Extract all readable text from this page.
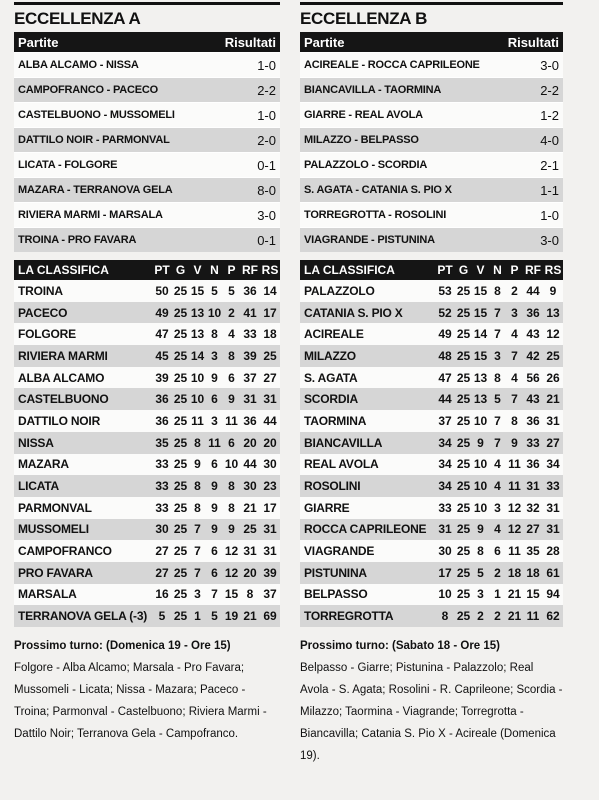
ECCELLENZA A
Partite	Risultati
ALBA ALCAMO - NISSA	1-0
CAMPOFRANCO - PACECO	2-2
CASTELBUONO - MUSSOMELI	1-0
DATTILO NOIR - PARMONVAL	2-0
LICATA - FOLGORE	0-1
MAZARA - TERRANOVA GELA	8-0
RIVIERA MARMI - MARSALA	3-0
TROINA - PRO FAVARA	0-1
LA CLASSIFICA	PT G V N P RF RS
TROINA	50 25 15 5 5 36 14
PACECO	49 25 13 10 2 41 17
FOLGORE	47 25 13 8 4 33 18
RIVIERA MARMI	45 25 14 3 8 39 25
ALBA ALCAMO	39 25 10 9 6 37 27
CASTELBUONO	36 25 10 6 9 31 31
DATTILO NOIR	36 25 11 3 11 36 44
NISSA	35 25 8 11 6 20 20
MAZARA	33 25 9 6 10 44 30
LICATA	33 25 8 9 8 30 23
PARMONVAL	33 25 8 9 8 21 17
MUSSOMELI	30 25 7 9 9 25 31
CAMPOFRANCO	27 25 7 6 12 31 31
PRO FAVARA	27 25 7 6 12 20 39
MARSALA	16 25 3 7 15 8 37
TERRANOVA GELA (-3) 5 25 1 5 19 21 69
Prossimo turno: (Domenica 19 - Ore 15)
Folgore - Alba Alcamo; Marsala - Pro Favara; Mussomeli - Licata; Nissa - Mazara; Paceco - Troina; Parmonval - Castelbuono; Riviera Marmi - Dattilo Noir; Terranova Gela - Campofranco.
ECCELLENZA B
Partite	Risultati
ACIREALE - ROCCA CAPRILEONE	3-0
BIANCAVILLA - TAORMINA	2-2
GIARRE - REAL AVOLA	1-2
MILAZZO - BELPASSO	4-0
PALAZZOLO - SCORDIA	2-1
S. AGATA - CATANIA S. PIO X	1-1
TORREGROTTA - ROSOLINI	1-0
VIAGRANDE - PISTUNINA	3-0
LA CLASSIFICA	PT G V N P RF RS
PALAZZOLO	53 25 15 8 2 44 9
CATANIA S. PIO X	52 25 15 7 3 36 13
ACIREALE	49 25 14 7 4 43 12
MILAZZO	48 25 15 3 7 42 25
S. AGATA	47 25 13 8 4 56 26
SCORDIA	44 25 13 5 7 43 21
TAORMINA	37 25 10 7 8 36 31
BIANCAVILLA	34 25 9 7 9 33 27
REAL AVOLA	34 25 10 4 11 36 34
ROSOLINI	34 25 10 4 11 31 33
GIARRE	33 25 10 3 12 32 31
ROCCA CAPRILEONE 31 25 9 4 12 27 31
VIAGRANDE	30 25 8 6 11 35 28
PISTUNINA	17 25 5 2 18 18 61
BELPASSO	10 25 3 1 21 15 94
TORREGROTTA	8 25 2 2 21 11 62
Prossimo turno: (Sabato 18 - Ore 15)
Belpasso - Giarre; Pistunina - Palazzolo; Real Avola - S. Agata; Rosolini - R. Caprileone; Scordia - Milazzo; Taormina - Viagrande; Torregrotta - Biancavilla; Catania S. Pio X - Acireale (Domenica 19).
